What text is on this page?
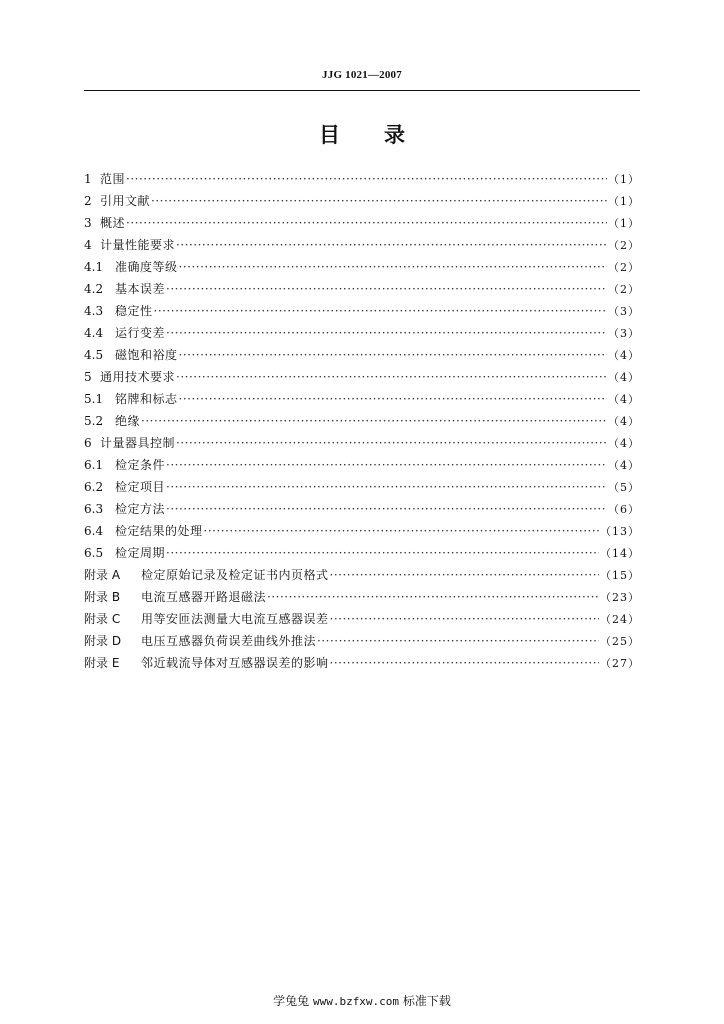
JJG 1021—2007
目录
1 范围 ·····	（1）
2 引用文献 ·····	（1）
3 概述 ·····	（1）
4 计量性能要求 ·····	（2）
4.1 准确度等级 ·····	（2）
4.2 基本误差 ·····	（2）
4.3 稳定性 ·····	（3）
4.4 运行变差 ·····	（3）
4.5 磁饱和裕度 ·····	（4）
5 通用技术要求 ·····	（4）
5.1 铭牌和标志 ·····	（4）
5.2 绝缘 ·····	（4）
6 计量器具控制 ·····	（4）
6.1 检定条件 ·····	（4）
6.2 检定项目 ·····	（5）
6.3 检定方法 ·····	（6）
6.4 检定结果的处理 ·····	（13）
6.5 检定周期 ·····	（14）
附录 A	检定原始记录及检定证书内页格式 ·····	（15）
附录 B	电流互感器开路退磁法 ·····	（23）
附录 C	用等安匝法测量大电流互感器误差 ·····	（24）
附录 D	电压互感器负荷误差曲线外推法 ·····	（25）
附录 E	邻近载流导体对互感器误差的影响 ·····	（27）
学兔兔 www.bzfxw.com 标准下载
